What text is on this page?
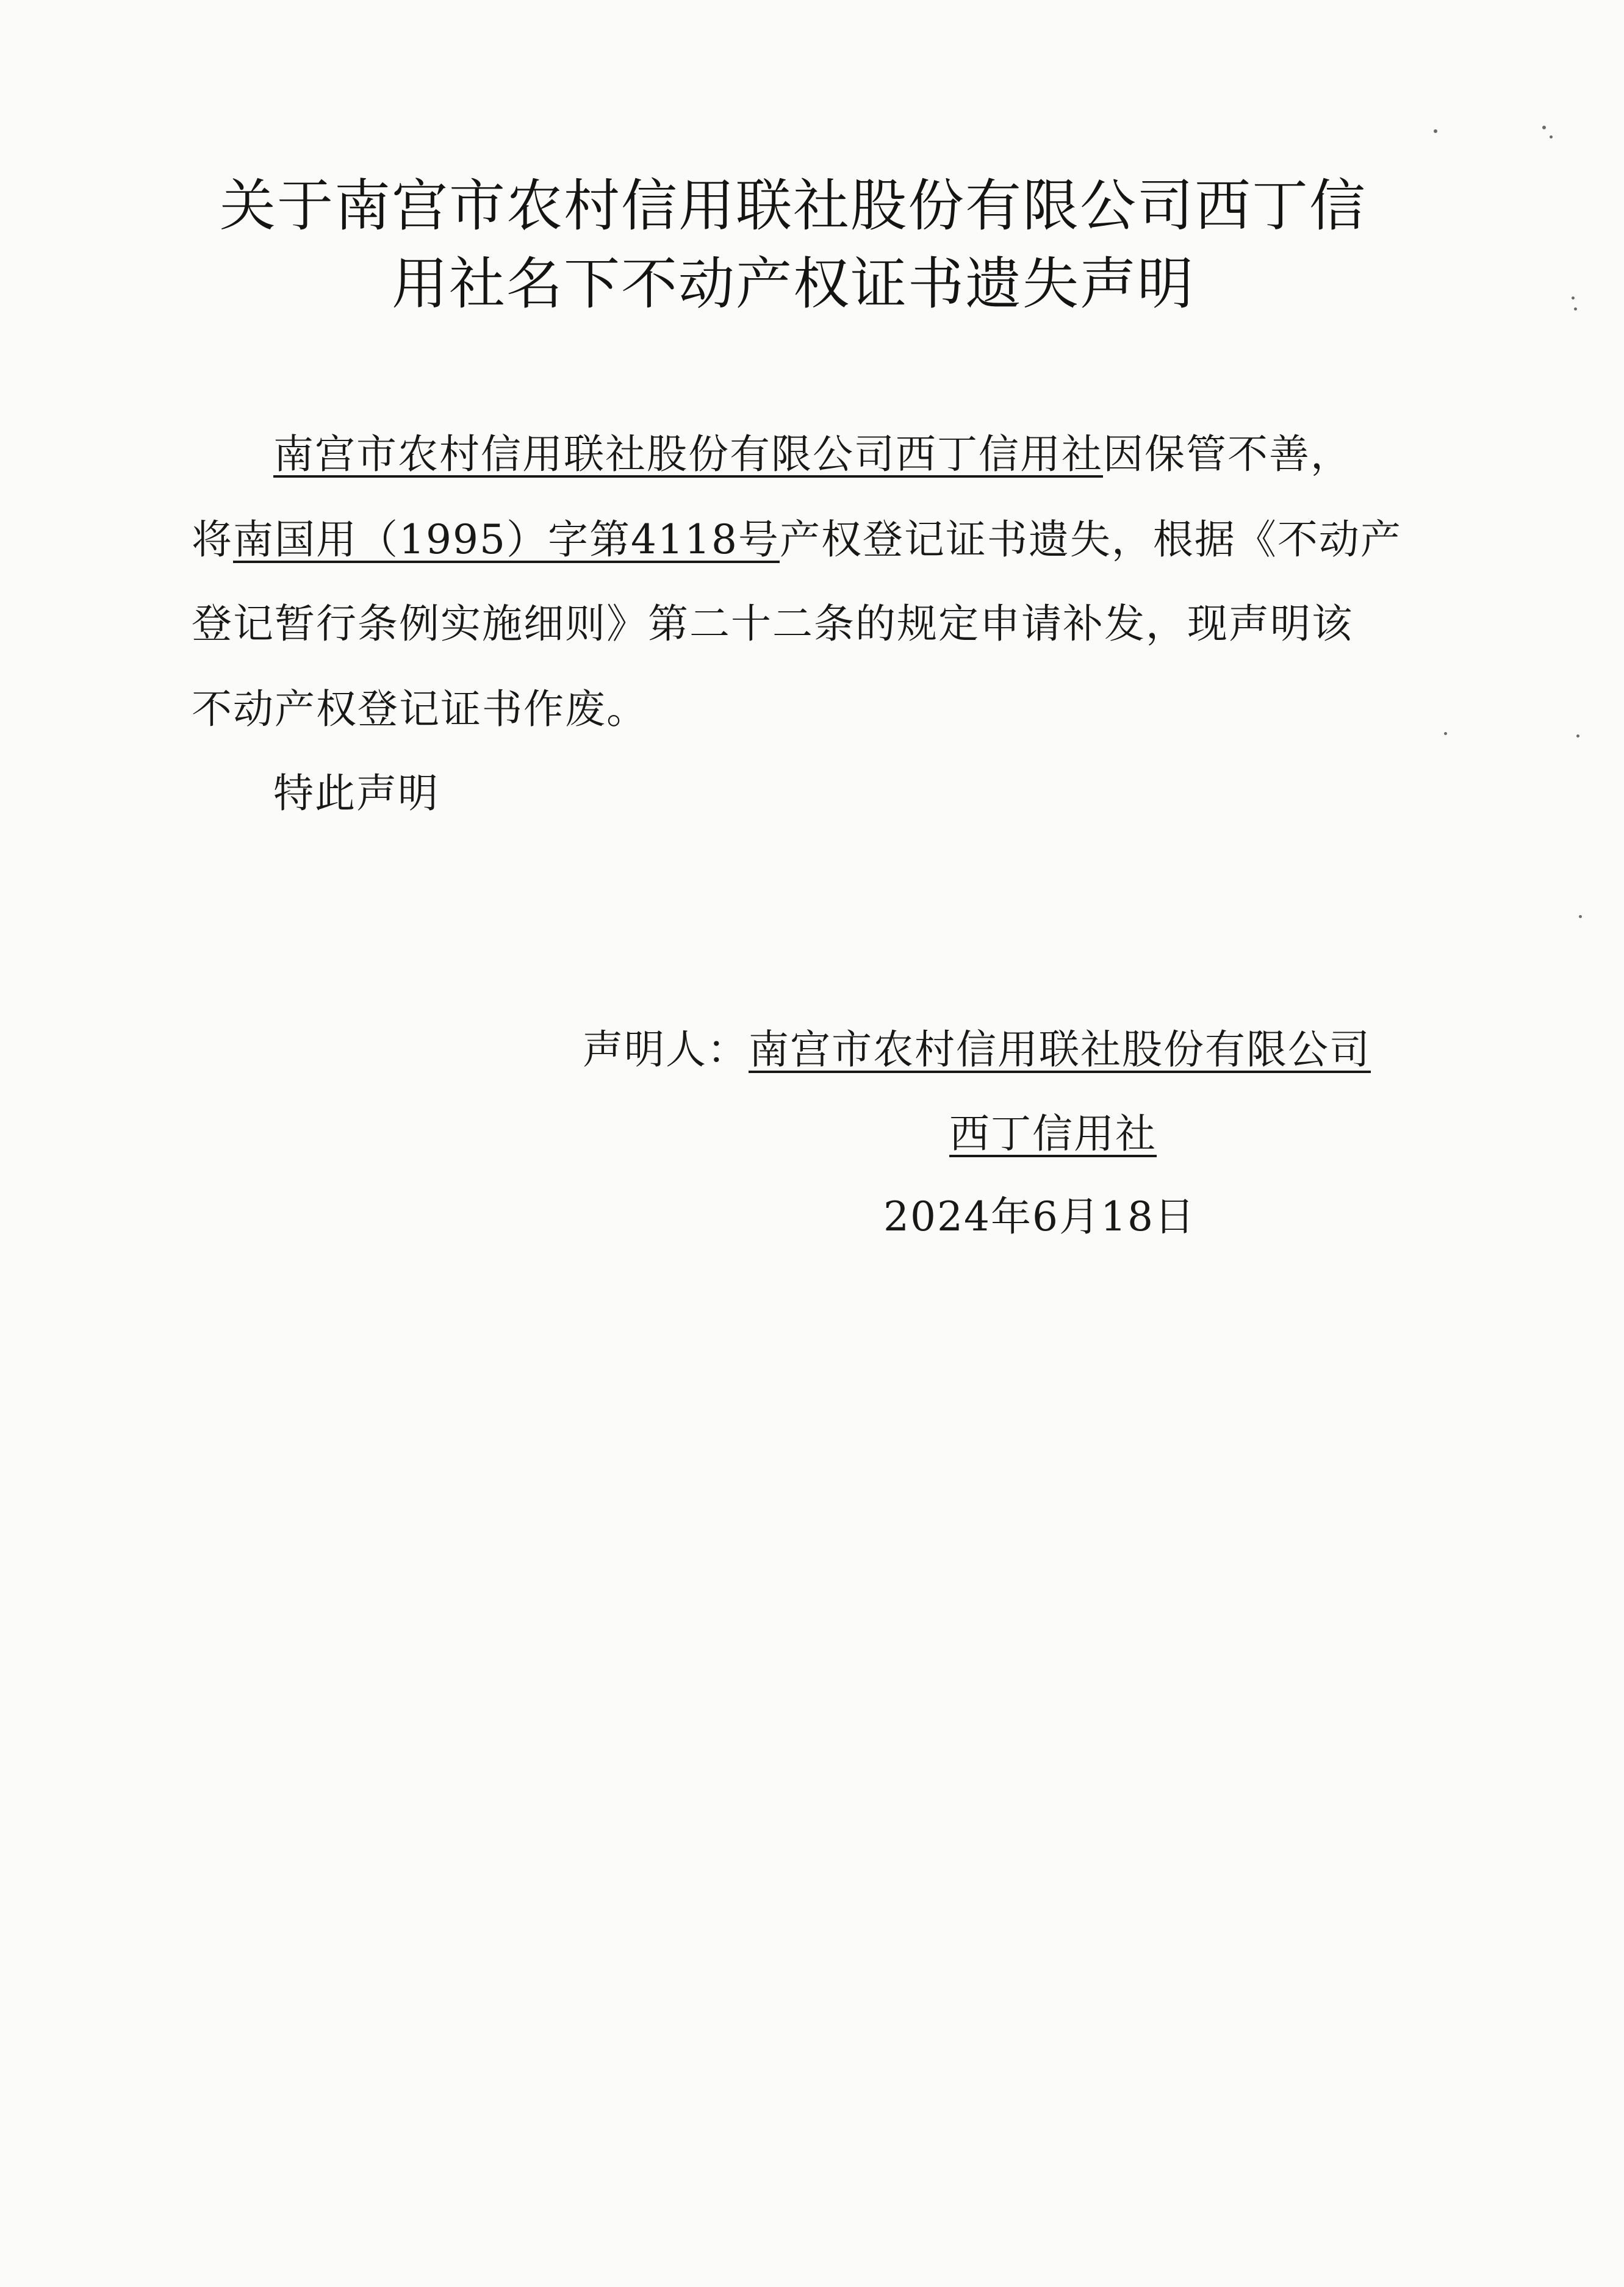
关于南宫市农村信用联社股份有限公司西丁信
用社名下不动产权证书遗失声明
南宫市农村信用联社股份有限公司西丁信用社因保管不善，
将南国用（1995）字第4118号产权登记证书遗失，根据《不动产
登记暂行条例实施细则》第二十二条的规定申请补发，现声明该
不动产权登记证书作废。
特此声明
声明人：南宫市农村信用联社股份有限公司
西丁信用社
2024年6月18日
